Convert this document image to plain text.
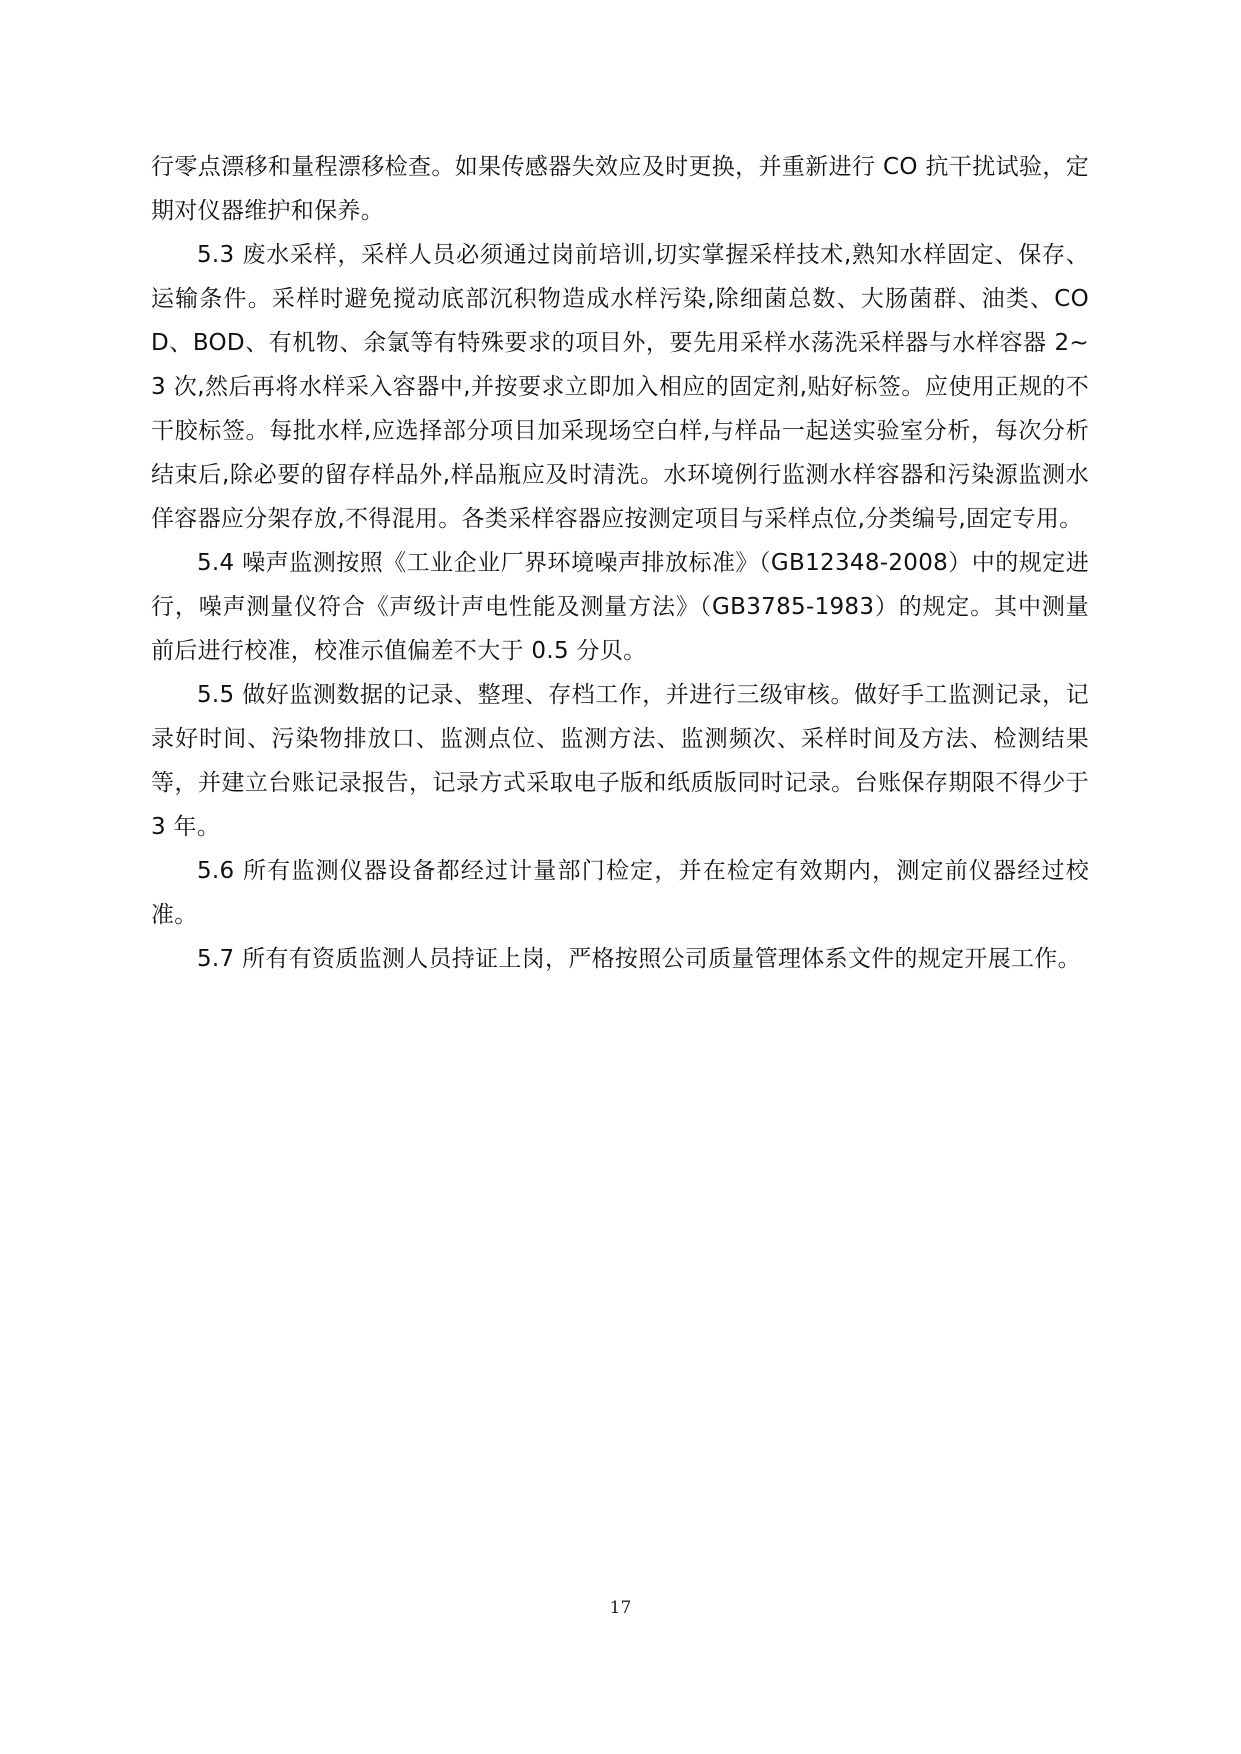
行零点漂移和量程漂移检查。如果传感器失效应及时更换，并重新进行 CO 抗干扰试验，定期对仪器维护和保养。

5.3 废水采样，采样人员必须通过岗前培训,切实掌握采样技术,熟知水样固定、保存、运输条件。采样时避免搅动底部沉积物造成水样污染,除细菌总数、大肠菌群、油类、COD、BOD、有机物、余氯等有特殊要求的项目外，要先用采样水荡洗采样器与水样容器 2~3 次,然后再将水样采入容器中,并按要求立即加入相应的固定剂,贴好标签。应使用正规的不干胶标签。每批水样,应选择部分项目加采现场空白样,与样品一起送实验室分析，每次分析结束后,除必要的留存样品外,样品瓶应及时清洗。水环境例行监测水样容器和污染源监测水佯容器应分架存放,不得混用。各类采样容器应按测定项目与采样点位,分类编号,固定专用。

5.4 噪声监测按照《工业企业厂界环境噪声排放标准》（GB12348-2008）中的规定进行，噪声测量仪符合《声级计声电性能及测量方法》（GB3785-1983）的规定。其中测量前后进行校准，校准示值偏差不大于 0.5 分贝。

5.5 做好监测数据的记录、整理、存档工作，并进行三级审核。做好手工监测记录，记录好时间、污染物排放口、监测点位、监测方法、监测频次、采样时间及方法、检测结果等，并建立台账记录报告，记录方式采取电子版和纸质版同时记录。台账保存期限不得少于 3 年。

5.6 所有监测仪器设备都经过计量部门检定，并在检定有效期内，测定前仪器经过校准。

5.7 所有有资质监测人员持证上岗，严格按照公司质量管理体系文件的规定开展工作。

17
